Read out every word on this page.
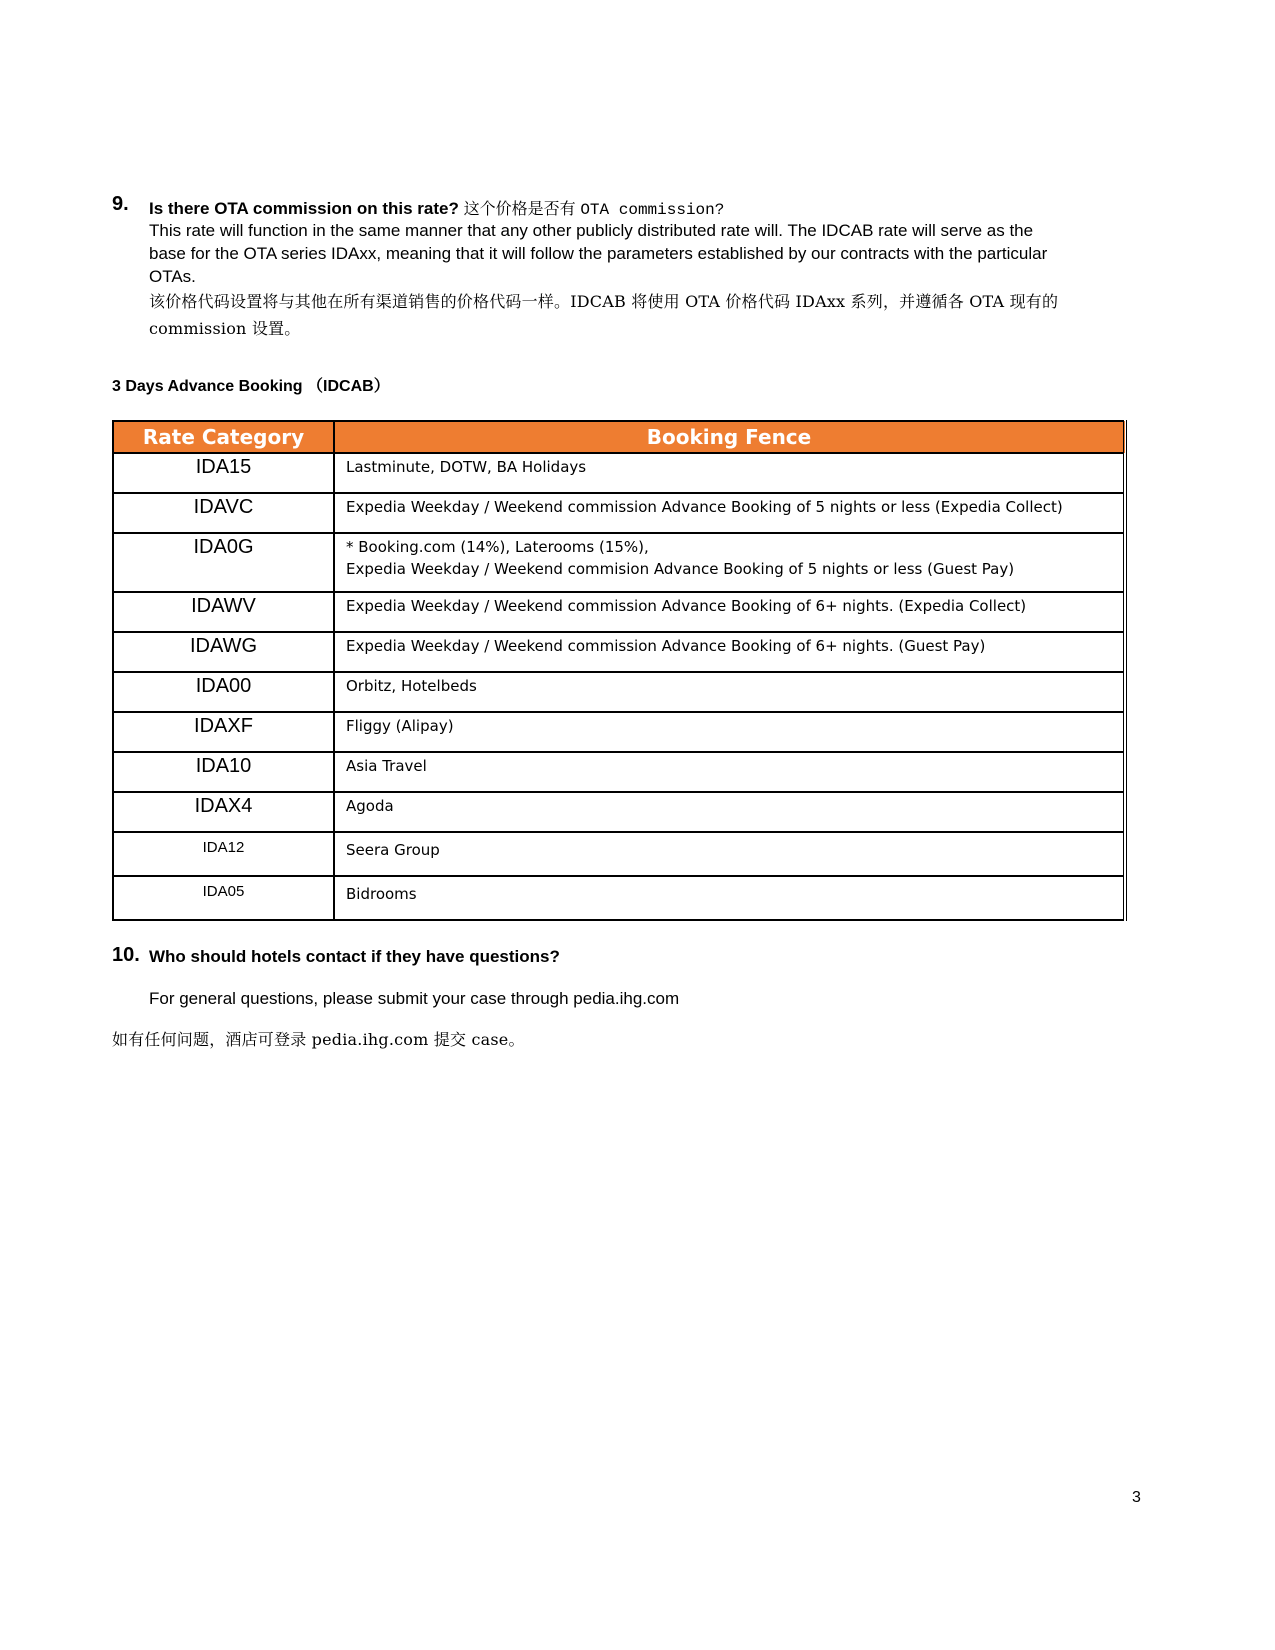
9. Is there OTA commission on this rate? 这个价格是否有 OTA commission?
This rate will function in the same manner that any other publicly distributed rate will. The IDCAB rate will serve as the
base for the OTA series IDAxx, meaning that it will follow the parameters established by our contracts with the particular
OTAs.
该价格代码设置将与其他在所有渠道销售的价格代码一样。IDCAB 将使用 OTA 价格代码 IDAxx 系列，并遵循各 OTA 现有的
commission 设置。
3 Days Advance Booking （IDCAB）
Rate Category	Booking Fence
IDA15	Lastminute, DOTW, BA Holidays

IDAVC	Expedia Weekday / Weekend commission Advance Booking of 5 nights or less (Expedia Collect)

IDA0G	* Booking.com (14%), Laterooms (15%),
Expedia Weekday / Weekend commision Advance Booking of 5 nights or less (Guest Pay)

IDAWV	Expedia Weekday / Weekend commission Advance Booking of 6+ nights. (Expedia Collect)

IDAWG	Expedia Weekday / Weekend commission Advance Booking of 6+ nights. (Guest Pay)

IDA00	Orbitz, Hotelbeds

IDAXF	Fliggy (Alipay)

IDA10	Asia Travel

IDAX4	Agoda

IDA12	Seera Group

IDA05	Bidrooms
10. Who should hotels contact if they have questions?
For general questions, please submit your case through pedia.ihg.com
如有任何问题，酒店可登录 pedia.ihg.com 提交 case。
3
